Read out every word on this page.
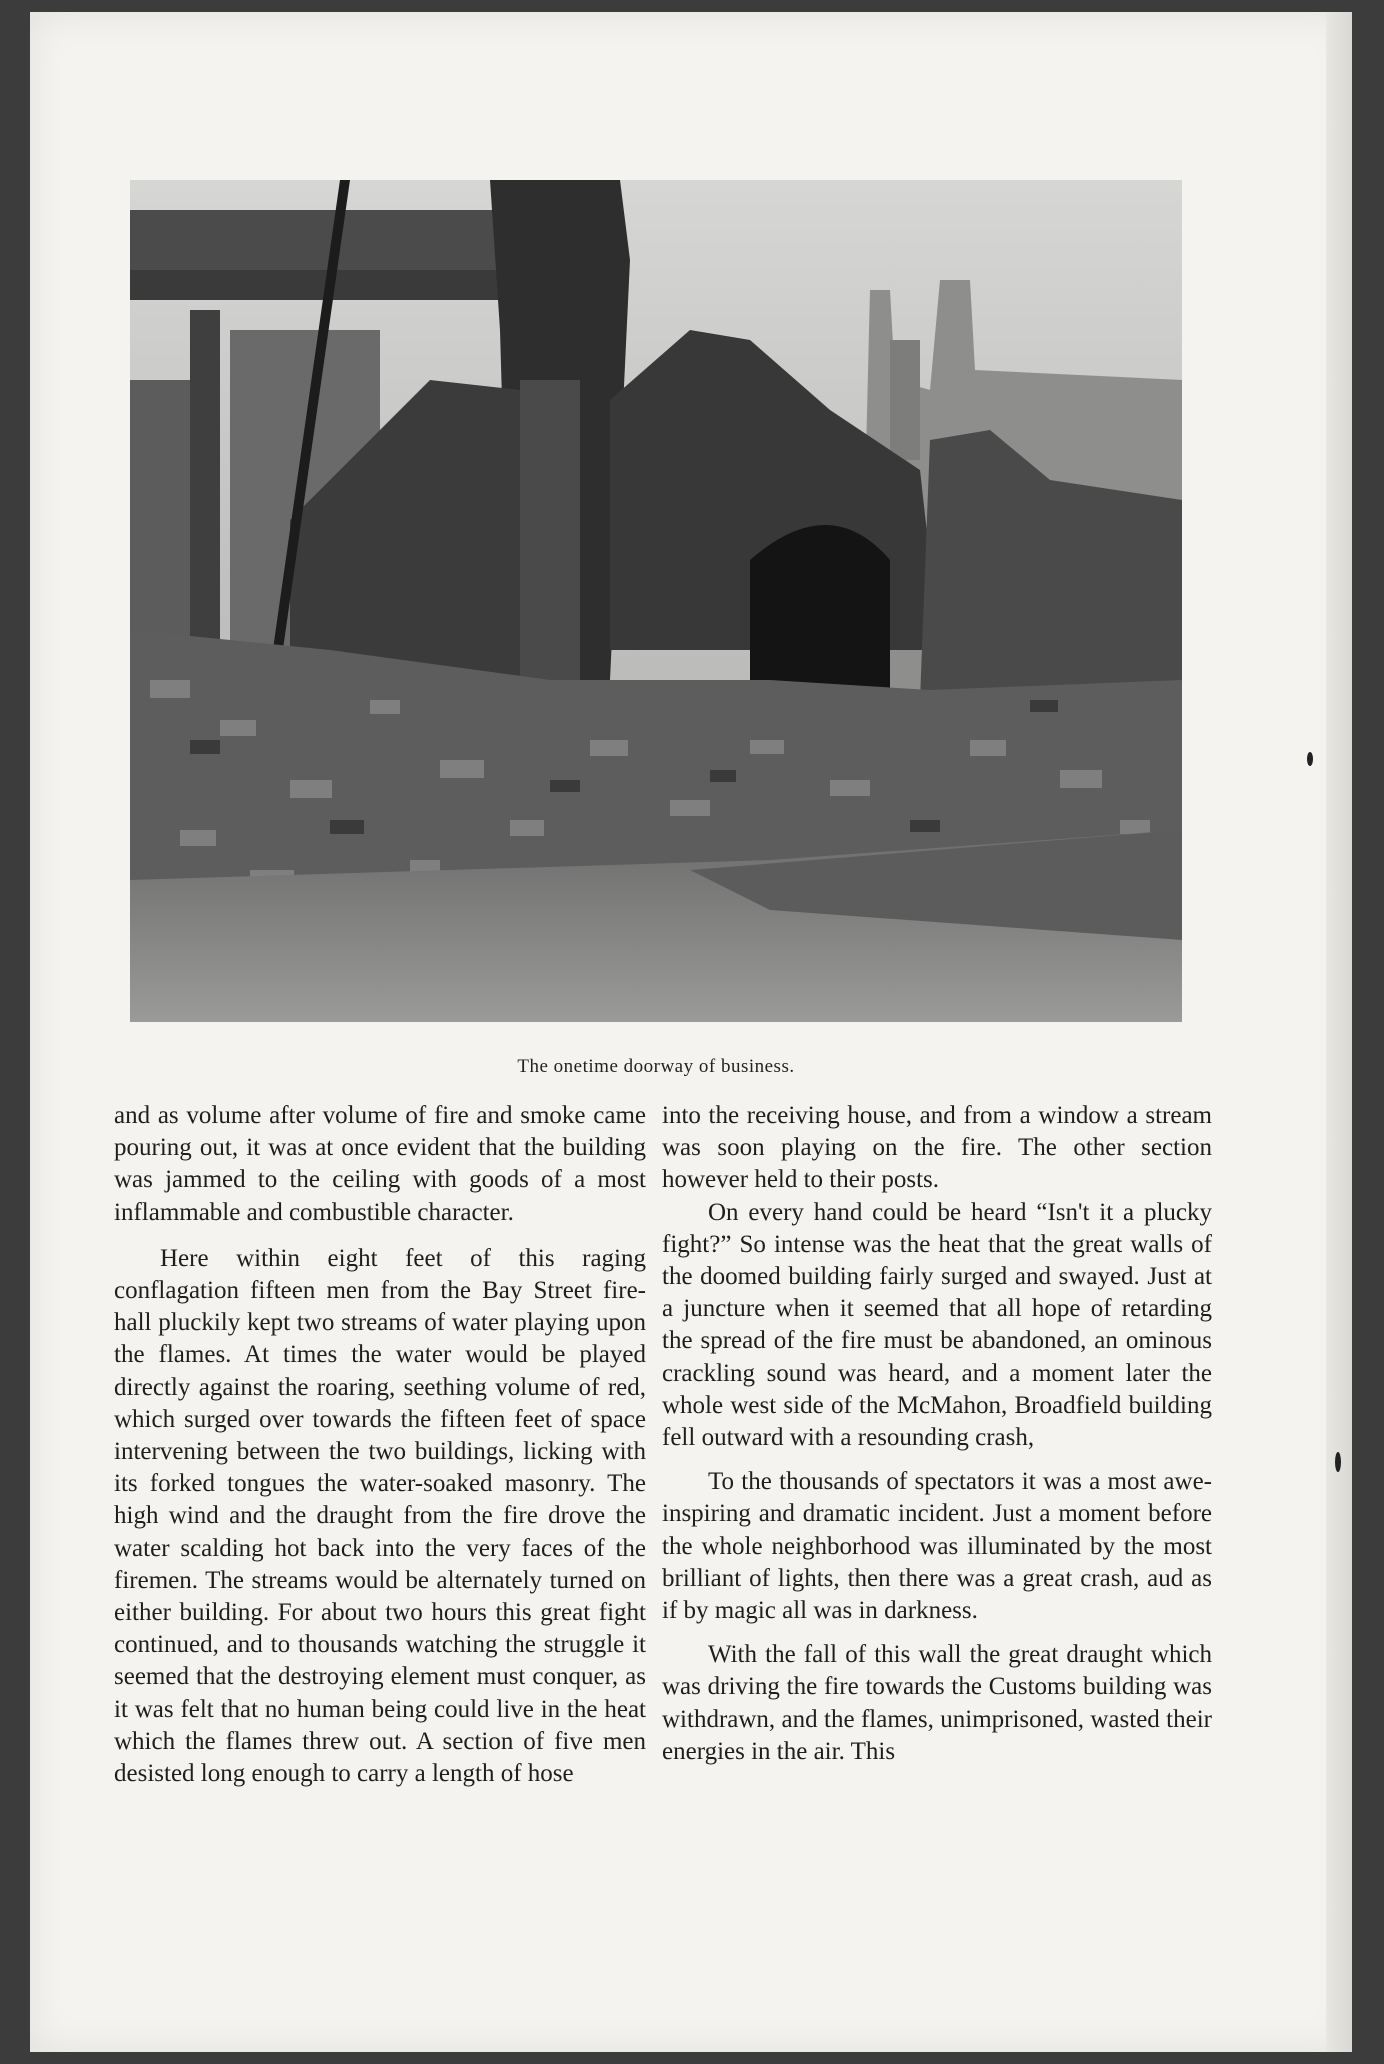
The onetime doorway of business.

and as volume after volume of fire and smoke came pouring out, it was at once evident that the building was jammed to the ceiling with goods of a most inflammable and combustible character.

Here within eight feet of this raging conflagation fifteen men from the Bay Street fire-hall pluckily kept two streams of water playing upon the flames. At times the water would be played directly against the roaring, seething volume of red, which surged over towards the fifteen feet of space intervening between the two buildings, licking with its forked tongues the water-soaked masonry. The high wind and the draught from the fire drove the water scalding hot back into the very faces of the firemen. The streams would be alternately turned on either building. For about two hours this great fight continued, and to thousands watching the struggle it seemed that the destroying element must conquer, as it was felt that no human being could live in the heat which the flames threw out. A section of five men desisted long enough to carry a length of hose

into the receiving house, and from a window a stream was soon playing on the fire. The other section however held to their posts.

On every hand could be heard “Isn't it a plucky fight?” So intense was the heat that the great walls of the doomed building fairly surged and swayed. Just at a juncture when it seemed that all hope of retarding the spread of the fire must be abandoned, an ominous crackling sound was heard, and a moment later the whole west side of the McMahon, Broadfield building fell outward with a resounding crash,

To the thousands of spectators it was a most awe-inspiring and dramatic incident. Just a moment before the whole neighborhood was illuminated by the most brilliant of lights, then there was a great crash, aud as if by magic all was in darkness.

With the fall of this wall the great draught which was driving the fire towards the Customs building was withdrawn, and the flames, unimprisoned, wasted their energies in the air. This
